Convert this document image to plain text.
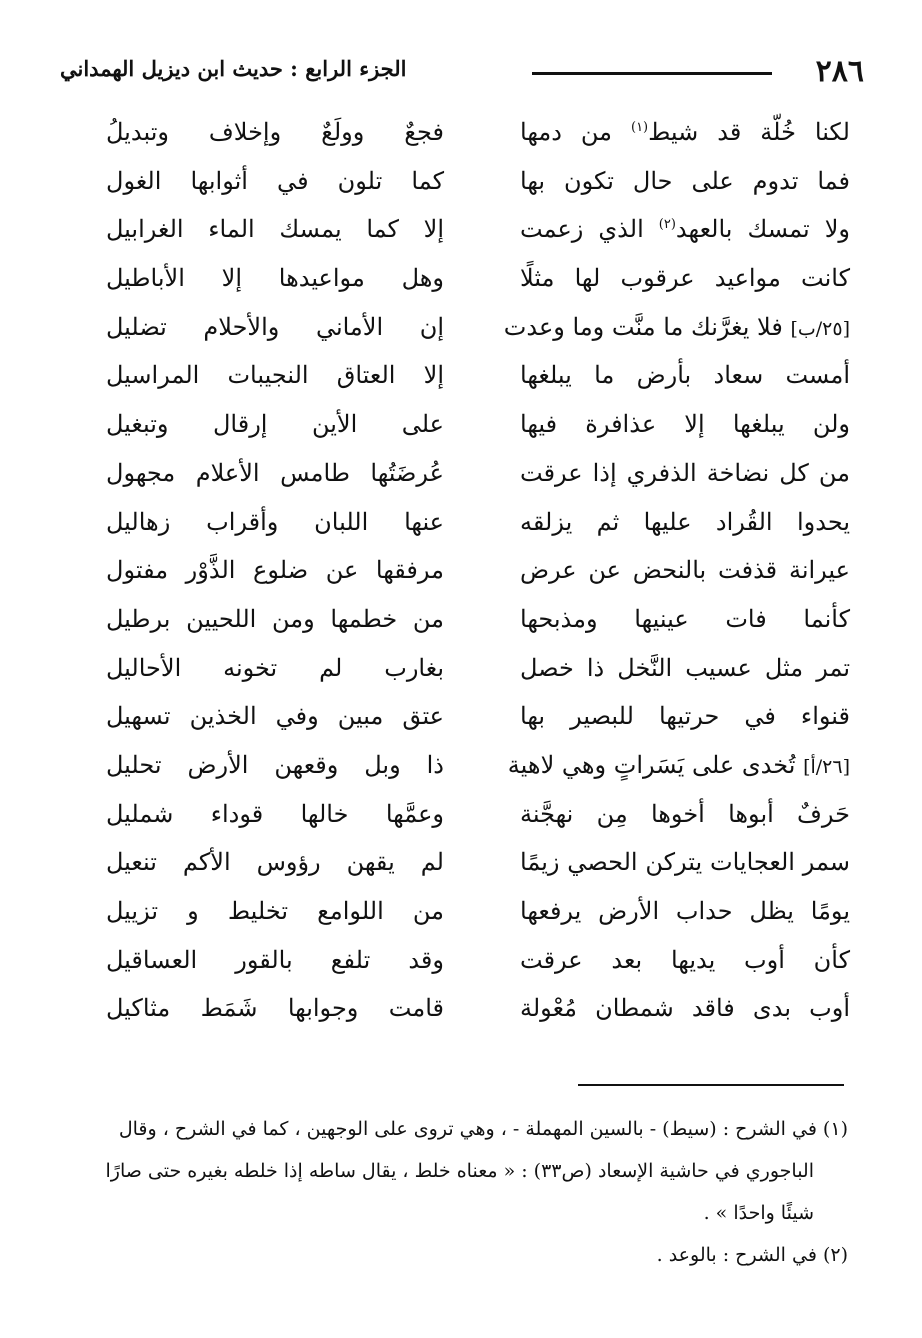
٢٨٦
الجزء الرابع : حديث ابن ديزيل الهمداني
لكنا خُلّة قد شيط$^{(١)}$ من دمها
فجعٌ وولَعٌ وإخلاف وتبديلُ
فما تدوم على حال تكون بها
كما تلون في أثوابها الغول
ولا تمسك بالعهد$^{(٢)}$ الذي زعمت
إلا كما يمسك الماء الغرابيل
كانت مواعيد عرقوب لها مثلًا
وهل مواعيدها إلا الأباطيل
[٢٥/ب] فلا يغرَّنك ما منَّت وما وعدت
إن الأماني والأحلام تضليل
أمست سعاد بأرض ما يبلغها
إلا العتاق النجيبات المراسيل
ولن يبلغها إلا عذافرة فيها
على الأين إرقال وتبغيل
من كل نضاخة الذفري إذا عرقت
عُرضَتُها طامس الأعلام مجهول
يحدوا القُراد عليها ثم يزلقه
عنها اللبان وأقراب زهاليل
عيرانة قذفت بالنحض عن عرض
مرفقها عن ضلوع الذَّوْر مفتول
كأنما فات عينيها ومذبحها
من خطمها ومن اللحيين برطيل
تمر مثل عسيب النَّخل ذا خصل
بغارب لم تخونه الأحاليل
قنواء في حرتيها للبصير بها
عتق مبين وفي الخذين تسهيل
[٢٦/أ] تُخدى على يَسَراتٍ وهي لاهية
ذا وبل وقعهن الأرض تحليل
حَرفٌ أبوها أخوها مِن نهجَّنة
وعمَّها خالها قوداء شمليل
سمر العجايات يتركن الحصي زيمًا
لم يقهن رؤوس الأكم تنعيل
يومًا يظل حداب الأرض يرفعها
من اللوامع تخليط و تزييل
كأن أوب يديها بعد عرقت
وقد تلفع بالقور العساقيل
أوب بدى فاقد شمطان مُعْولة
قامت وجوابها شَمَط مثاكيل

(١) في الشرح : (سيط) - بالسين المهملة - ، وهي تروى على الوجهين ، كما في الشرح ، وقال

الباجوري في حاشية الإسعاد (ص٣٣) : « معناه خلط ، يقال ساطه إذا خلطه بغيره حتى صارًا

شيئًا واحدًا » .

(٢) في الشرح : بالوعد .
